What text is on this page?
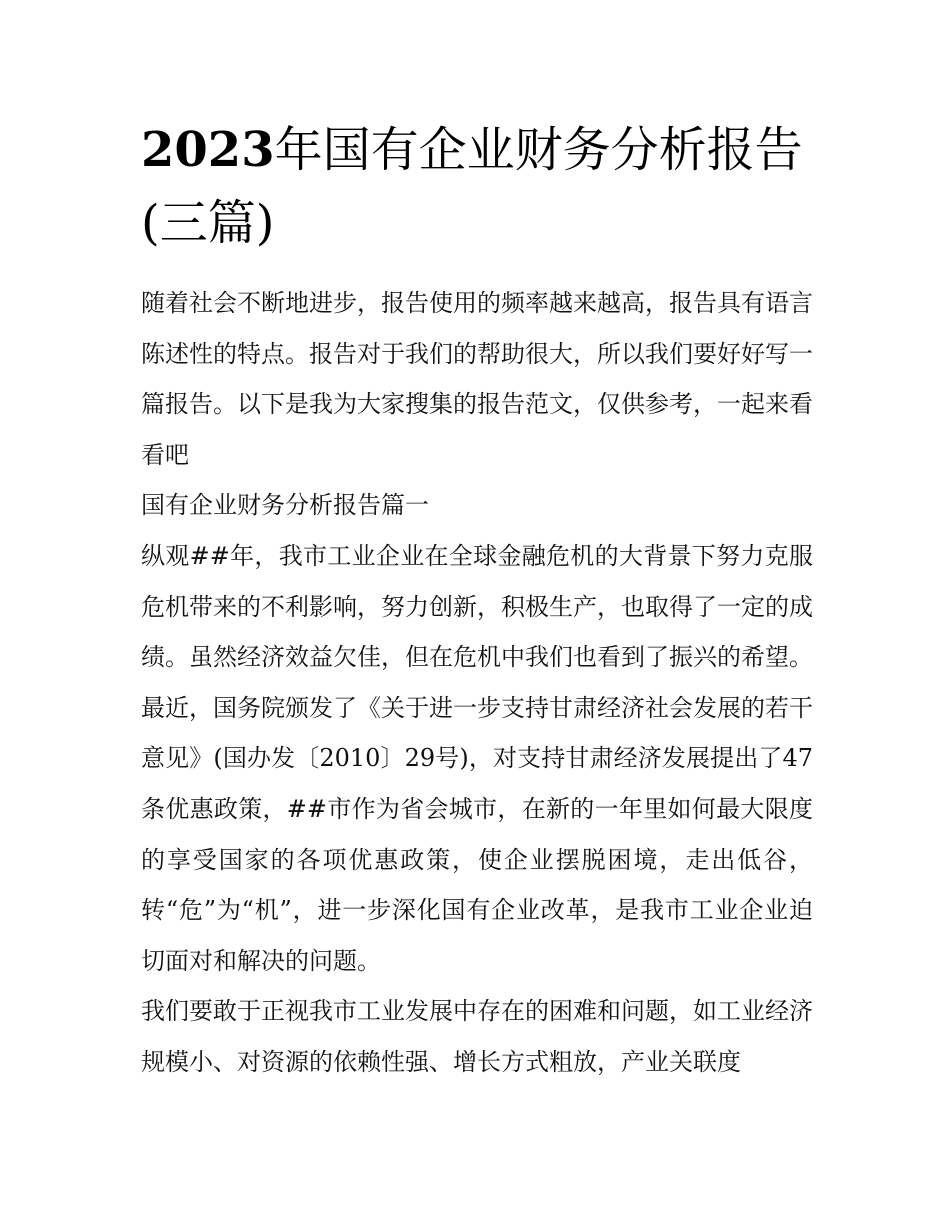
2023年国有企业财务分析报告(三篇)

随着社会不断地进步，报告使用的频率越来越高，报告具有语言陈述性的特点。报告对于我们的帮助很大，所以我们要好好写一篇报告。以下是我为大家搜集的报告范文，仅供参考，一起来看看吧

国有企业财务分析报告篇一

纵观##年，我市工业企业在全球金融危机的大背景下努力克服危机带来的不利影响，努力创新，积极生产，也取得了一定的成绩。虽然经济效益欠佳，但在危机中我们也看到了振兴的希望。最近，国务院颁发了《关于进一步支持甘肃经济社会发展的若干意见》(国办发〔2010〕29号)，对支持甘肃经济发展提出了47条优惠政策，##市作为省会城市，在新的一年里如何最大限度的享受国家的各项优惠政策，使企业摆脱困境，走出低谷，转“危”为“机”，进一步深化国有企业改革，是我市工业企业迫切面对和解决的问题。

我们要敢于正视我市工业发展中存在的困难和问题，如工业经济规模小、对资源的依赖性强、增长方式粗放，产业关联度
